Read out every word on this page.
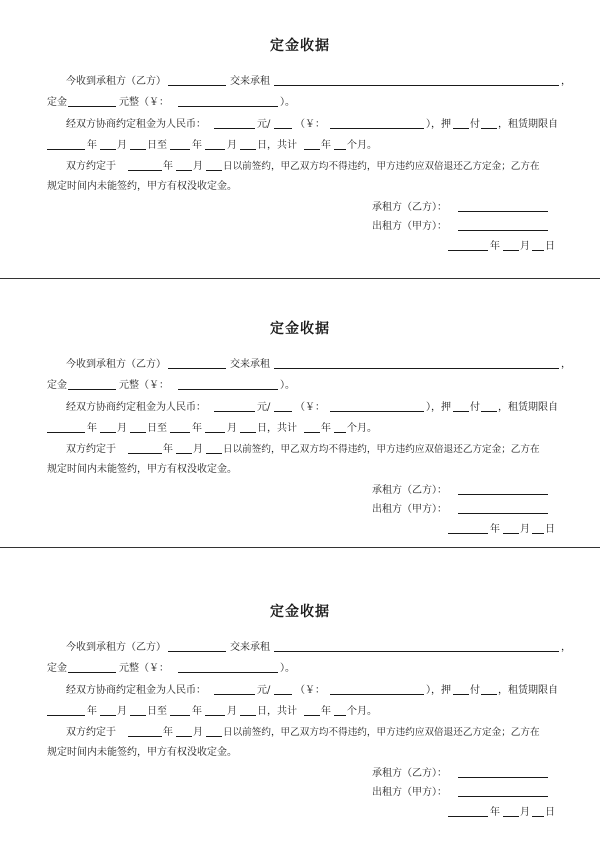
定金收据
今收到承租方（乙方）	交来承租	，
定金	元整（￥：	）。
经双方协商约定租金为人民币：	元/ （￥：	），押 付 ，租赁期限自
年 月 日至	年	月 日，共计 年 个月。
双方约定于	年 月 日以前签约，甲乙双方均不得违约，甲方违约应双倍退还乙方定金；乙方在
规定时间内未能签约，甲方有权没收定金。
承租方（乙方）：
出租方（甲方）：
年 月 日
定金收据
今收到承租方（乙方）	交来承租	，
定金	元整（￥：	）。
经双方协商约定租金为人民币：	元/ （￥：	），押 付 ，租赁期限自
年 月 日至	年	月 日，共计 年 个月。
双方约定于	年 月 日以前签约，甲乙双方均不得违约，甲方违约应双倍退还乙方定金；乙方在
规定时间内未能签约，甲方有权没收定金。
承租方（乙方）：
出租方（甲方）：
年 月 日
定金收据
今收到承租方（乙方）	交来承租	，
定金	元整（￥：	）。
经双方协商约定租金为人民币：	元/ （￥：	），押 付 ，租赁期限自
年 月 日至	年	月 日，共计 年 个月。
双方约定于	年 月 日以前签约，甲乙双方均不得违约，甲方违约应双倍退还乙方定金；乙方在
规定时间内未能签约，甲方有权没收定金。
承租方（乙方）：
出租方（甲方）：
年 月 日
